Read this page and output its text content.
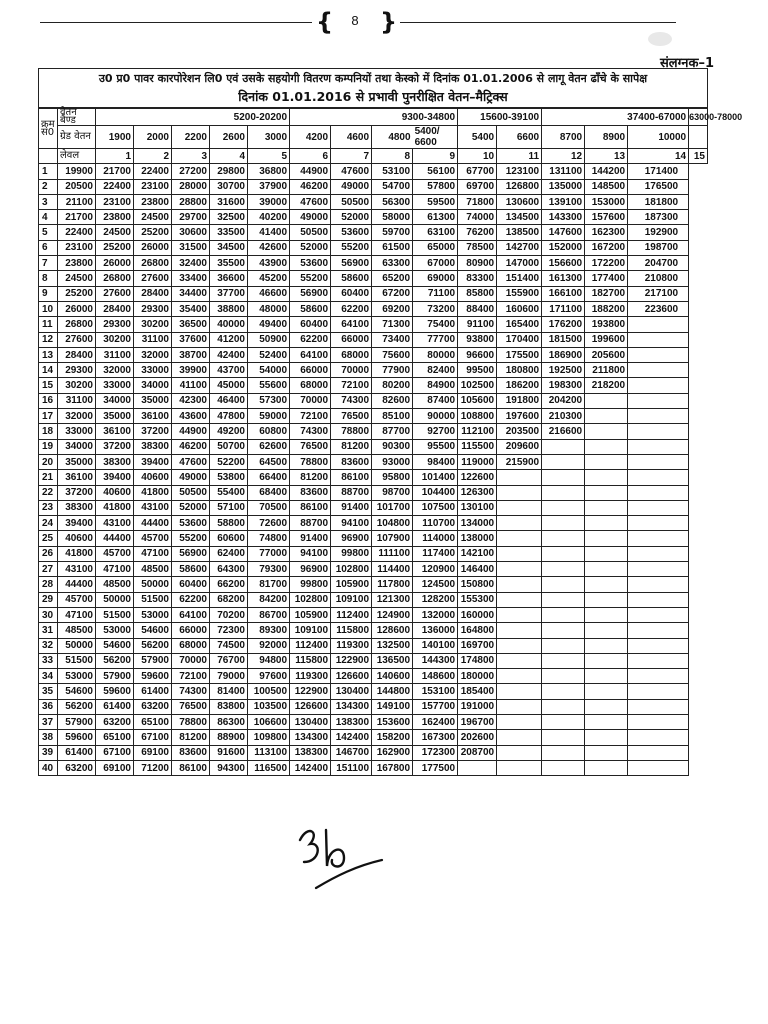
{	8 }
संलग्नक–1
उ0 प्र0 पावर कारपोरेशन लि0 एवं उसके सहयोगी वितरण कम्पनियों तथा केस्को में दिनांक 01.01.2006 से लागू वेतन ढाँचे के सापेक्ष
दिनांक 01.01.2016 से प्रभावी पुनरीक्षित वेतन–मैट्रिक्स
क्रम सं0	वेतन बैण्ड	5200-20200					9300-34800				15600-39100		37400-67000			63000-78000
	ग्रेड वेतन	1900	2000	2200	2600	3000	4200	4600	4800	5400/ 6600	5400	6600	8700	8900	10000	
	लेवल	1	2	3	4	5	6	7	8	9	10	11	12	13	14	15
1	19900	21700	22400	27200	29800	36800	44900	47600	53100	56100	67700	123100	131100	144200	171400	
2	20500	22400	23100	28000	30700	37900	46200	49000	54700	57800	69700	126800	135000	148500	176500	
3	21100	23100	23800	28800	31600	39000	47600	50500	56300	59500	71800	130600	139100	153000	181800	
4	21700	23800	24500	29700	32500	40200	49000	52000	58000	61300	74000	134500	143300	157600	187300	
5	22400	24500	25200	30600	33500	41400	50500	53600	59700	63100	76200	138500	147600	162300	192900	
6	23100	25200	26000	31500	34500	42600	52000	55200	61500	65000	78500	142700	152000	167200	198700	
7	23800	26000	26800	32400	35500	43900	53600	56900	63300	67000	80900	147000	156600	172200	204700	
8	24500	26800	27600	33400	36600	45200	55200	58600	65200	69000	83300	151400	161300	177400	210800	
9	25200	27600	28400	34400	37700	46600	56900	60400	67200	71100	85800	155900	166100	182700	217100	
10	26000	28400	29300	35400	38800	48000	58600	62200	69200	73200	88400	160600	171100	188200	223600	
11	26800	29300	30200	36500	40000	49400	60400	64100	71300	75400	91100	165400	176200	193800		
12	27600	30200	31100	37600	41200	50900	62200	66000	73400	77700	93800	170400	181500	199600		
13	28400	31100	32000	38700	42400	52400	64100	68000	75600	80000	96600	175500	186900	205600		
14	29300	32000	33000	39900	43700	54000	66000	70000	77900	82400	99500	180800	192500	211800		
15	30200	33000	34000	41100	45000	55600	68000	72100	80200	84900	102500	186200	198300	218200		
16	31100	34000	35000	42300	46400	57300	70000	74300	82600	87400	105600	191800	204200			
17	32000	35000	36100	43600	47800	59000	72100	76500	85100	90000	108800	197600	210300			
18	33000	36100	37200	44900	49200	60800	74300	78800	87700	92700	112100	203500	216600			
19	34000	37200	38300	46200	50700	62600	76500	81200	90300	95500	115500	209600				
20	35000	38300	39400	47600	52200	64500	78800	83600	93000	98400	119000	215900				
21	36100	39400	40600	49000	53800	66400	81200	86100	95800	101400	122600					
22	37200	40600	41800	50500	55400	68400	83600	88700	98700	104400	126300					
23	38300	41800	43100	52000	57100	70500	86100	91400	101700	107500	130100					
24	39400	43100	44400	53600	58800	72600	88700	94100	104800	110700	134000					
25	40600	44400	45700	55200	60600	74800	91400	96900	107900	114000	138000					
26	41800	45700	47100	56900	62400	77000	94100	99800	111100	117400	142100					
27	43100	47100	48500	58600	64300	79300	96900	102800	114400	120900	146400					
28	44400	48500	50000	60400	66200	81700	99800	105900	117800	124500	150800					
29	45700	50000	51500	62200	68200	84200	102800	109100	121300	128200	155300					
30	47100	51500	53000	64100	70200	86700	105900	112400	124900	132000	160000					
31	48500	53000	54600	66000	72300	89300	109100	115800	128600	136000	164800					
32	50000	54600	56200	68000	74500	92000	112400	119300	132500	140100	169700					
33	51500	56200	57900	70000	76700	94800	115800	122900	136500	144300	174800					
34	53000	57900	59600	72100	79000	97600	119300	126600	140600	148600	180000					
35	54600	59600	61400	74300	81400	100500	122900	130400	144800	153100	185400					
36	56200	61400	63200	76500	83800	103500	126600	134300	149100	157700	191000					
37	57900	63200	65100	78800	86300	106600	130400	138300	153600	162400	196700					
38	59600	65100	67100	81200	88900	109800	134300	142400	158200	167300	202600					
39	61400	67100	69100	83600	91600	113100	138300	146700	162900	172300	208700					
40	63200	69100	71200	86100	94300	116500	142400	151100	167800	177500						
